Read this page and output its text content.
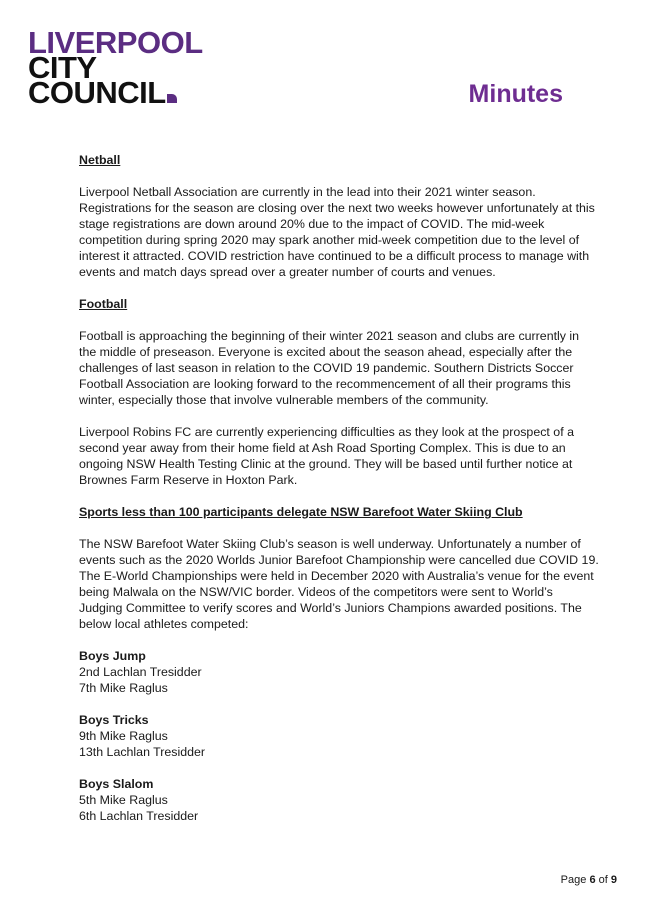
LIVERPOOL
CITY
COUNCIL	Minutes

Netball

Liverpool Netball Association are currently in the lead into their 2021 winter season. Registrations for the season are closing over the next two weeks however unfortunately at this stage registrations are down around 20% due to the impact of COVID. The mid-week competition during spring 2020 may spark another mid-week competition due to the level of interest it attracted. COVID restriction have continued to be a difficult process to manage with events and match days spread over a greater number of courts and venues.

Football

Football is approaching the beginning of their winter 2021 season and clubs are currently in the middle of preseason. Everyone is excited about the season ahead, especially after the challenges of last season in relation to the COVID 19 pandemic. Southern Districts Soccer Football Association are looking forward to the recommencement of all their programs this winter, especially those that involve vulnerable members of the community.

Liverpool Robins FC are currently experiencing difficulties as they look at the prospect of a second year away from their home field at Ash Road Sporting Complex. This is due to an ongoing NSW Health Testing Clinic at the ground. They will be based until further notice at Brownes Farm Reserve in Hoxton Park.

Sports less than 100 participants delegate NSW Barefoot Water Skiing Club

The NSW Barefoot Water Skiing Club’s season is well underway. Unfortunately a number of events such as the 2020 Worlds Junior Barefoot Championship were cancelled due COVID 19. The E-World Championships were held in December 2020 with Australia’s venue for the event being Malwala on the NSW/VIC border. Videos of the competitors were sent to World’s Judging Committee to verify scores and World’s Juniors Champions awarded positions. The below local athletes competed:

Boys Jump

2nd Lachlan Tresidder

7th Mike Raglus

Boys Tricks

9th Mike Raglus

13th Lachlan Tresidder

Boys Slalom

5th Mike Raglus

6th Lachlan Tresidder

Page 6 of 9
